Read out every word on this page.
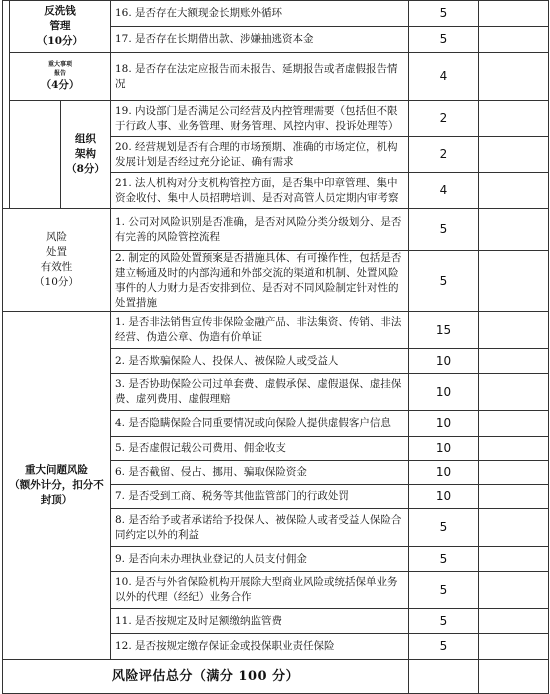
	反洗钱
管理
（10分）		16. 是否存在大额现金长期账外循环	5	
			17. 是否存在长期借出款、涉嫌抽逃资本金	5	

	重大事项
报告
（4分）		18. 是否存在法定应报告而未报告、延期报告或者虚假报告情况	4	
		组织
架构
（8分）	19. 内设部门是否满足公司经营及内控管理需要（包括但不限于行政人事、业务管理、财务管理、风控内审、投诉处理等）	2	
			20. 经营规划是否有合理的市场预期、准确的市场定位，机构发展计划是否经过充分论证、确有需求	2	
			21. 法人机构对分支机构管控方面，是否集中印章管理、集中资金收付、集中人员招聘培训、是否对高管人员定期内审考察	4	
风险
处置
有效性
（10分）			1. 公司对风险识别是否准确，是否对风险分类分级划分、是否有完善的风险管控流程	5	
			2. 制定的风险处置预案是否措施具体、有可操作性，包括是否建立畅通及时的内部沟通和外部交流的渠道和机制、处置风险事件的人力财力是否安排到位、是否对不同风险制定针对性的处置措施	5	
重大问题风险
（额外计分，扣分不
封顶）			1. 是否非法销售宣传非保险金融产品、非法集资、传销、非法经营、伪造公章、伪造有价单证	15	
			2. 是否欺骗保险人、投保人、被保险人或受益人	10	
			3. 是否协助保险公司过单套费、虚假承保、虚假退保、虚挂保费、虚列费用、虚假理赔	10	
			4. 是否隐瞒保险合同重要情况或向保险人提供虚假客户信息	10	
			5. 是否虚假记载公司费用、佣金收支	10	
			6. 是否截留、侵占、挪用、骗取保险资金	10	
			7. 是否受到工商、税务等其他监管部门的行政处罚	10	
			8. 是否给予或者承诺给予投保人、被保险人或者受益人保险合同约定以外的利益	5	
			9. 是否向未办理执业登记的人员支付佣金	5	
			10. 是否与外省保险机构开展除大型商业风险或统括保单业务以外的代理（经纪）业务合作	5	
			11. 是否按规定及时足额缴纳监管费	5	
			12. 是否按规定缴存保证金或投保职业责任保险	5	
风险评估总分（满分 100 分）					
